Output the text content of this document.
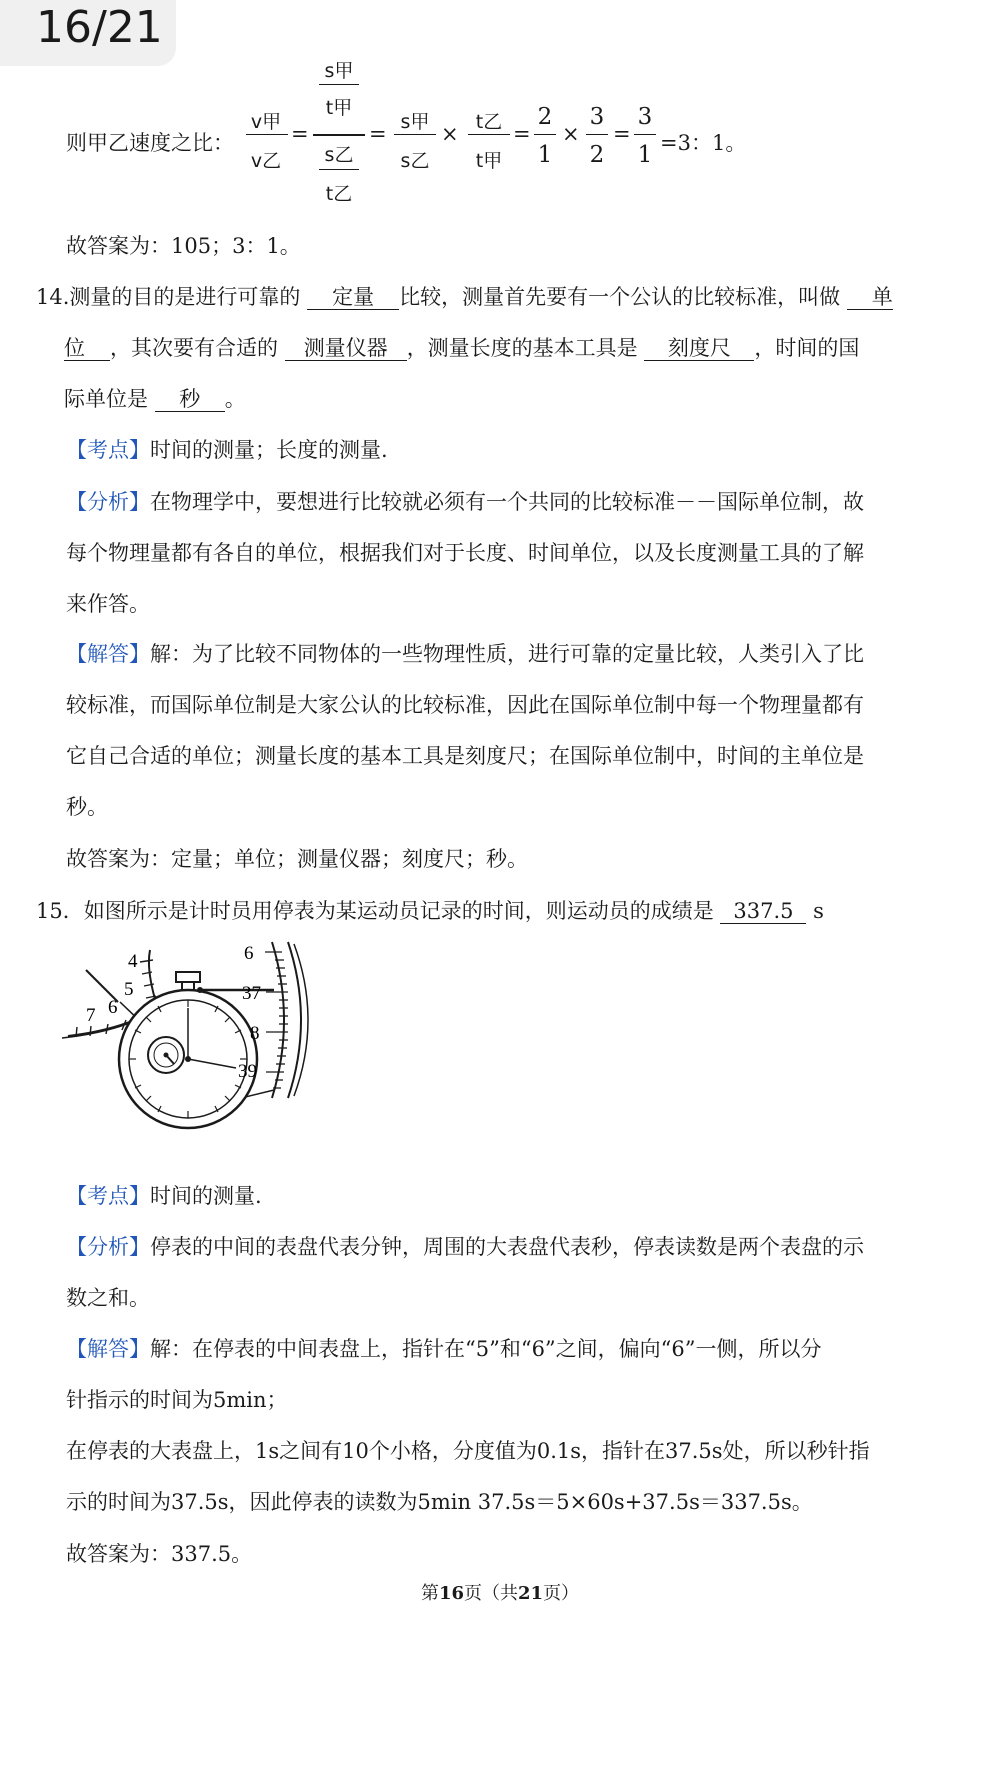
16/21
则甲乙速度之比：
v甲
v乙
=
s甲
t甲
s乙
t乙
= s甲
s乙
× t乙
t甲
=
2
1
×
3
2
=
3
1 =3：1。
故答案为：105；3：1。
14.测量的目的是进行可靠的 定量 比较，测量首先要有一个公认的比较标准，叫做 单
位 ，其次要有合适的 测量仪器 ，测量长度的基本工具是 刻度尺 ，时间的国
际单位是 秒 。
【考点】时间的测量；长度的测量.
【分析】在物理学中，要想进行比较就必须有一个共同的比较标准－－国际单位制，故
每个物理量都有各自的单位，根据我们对于长度、时间单位，以及长度测量工具的了解
来作答。
【解答】解：为了比较不同物体的一些物理性质，进行可靠的定量比较，人类引入了比
较标准，而国际单位制是大家公认的比较标准，因此在国际单位制中每一个物理量都有
它自己合适的单位；测量长度的基本工具是刻度尺；在国际单位制中，时间的主单位是
秒。
故答案为：定量；单位；测量仪器；刻度尺；秒。
15．如图所示是计时员用停表为某运动员记录的时间，则运动员的成绩是 337.5 s
4
5
6
7
6
37
8
39
【考点】时间的测量.
【分析】停表的中间的表盘代表分钟，周围的大表盘代表秒，停表读数是两个表盘的示
数之和。
【解答】解：在停表的中间表盘上，指针在“5”和“6”之间，偏向“6”一侧，所以分
针指示的时间为5min；
在停表的大表盘上，1s之间有10个小格，分度值为0.1s，指针在37.5s处，所以秒针指
示的时间为37.5s，因此停表的读数为5min 37.5s＝5×60s+37.5s＝337.5s。
故答案为：337.5。
第16页（共21页）
